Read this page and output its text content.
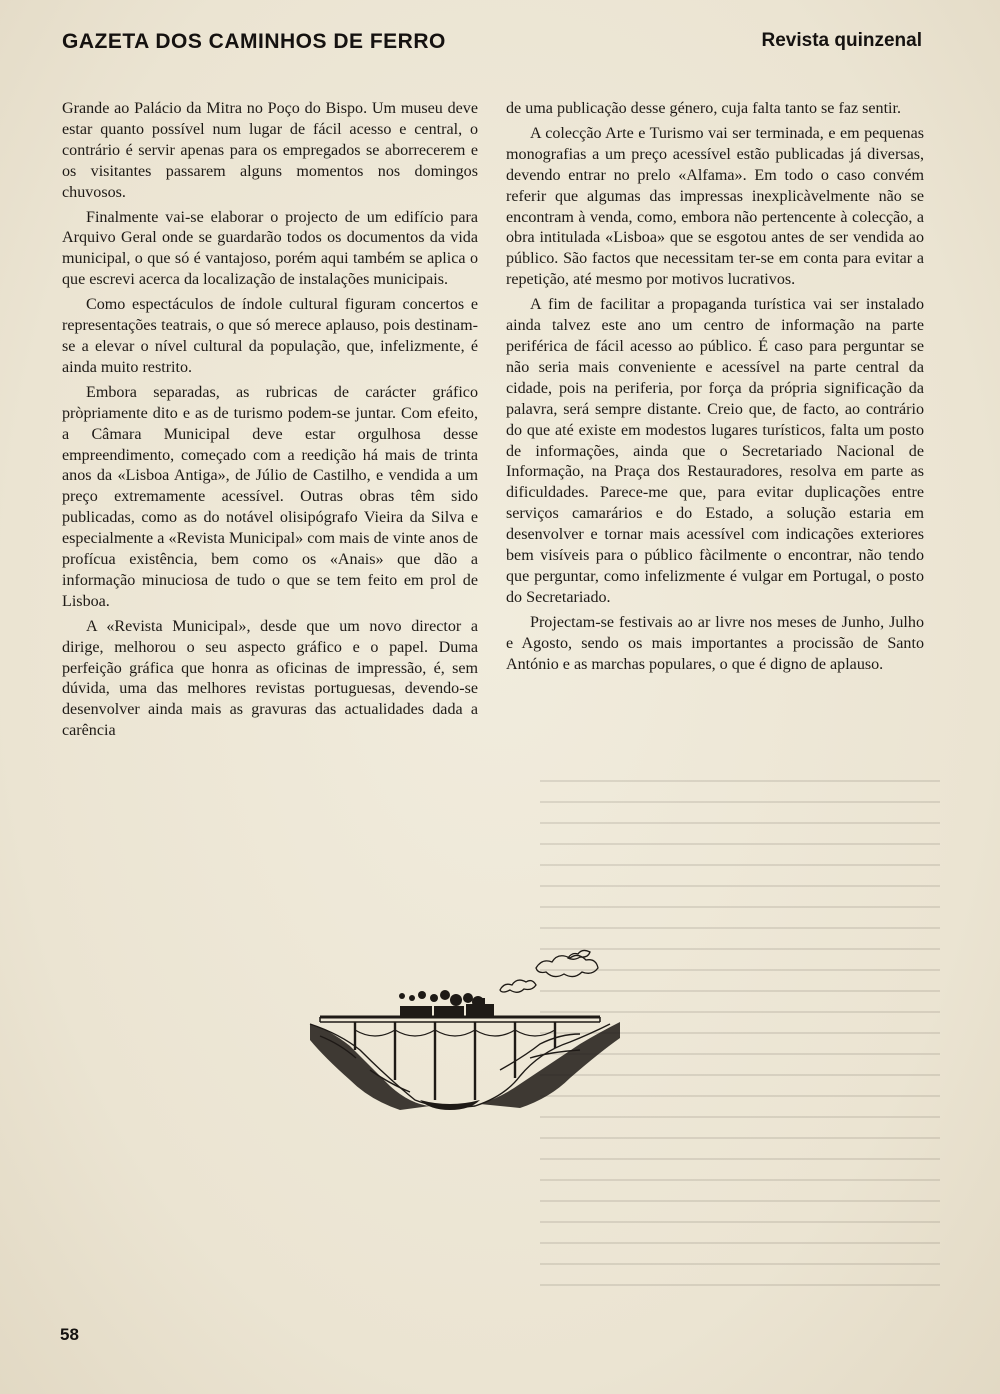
GAZETA DOS CAMINHOS DE FERRO	Revista quinzenal

Grande ao Palácio da Mitra no Poço do Bispo. Um museu deve estar quanto possível num lugar de fácil acesso e central, o contrário é servir apenas para os empregados se aborrecerem e os visitantes passarem alguns momentos nos domingos chuvosos.

Finalmente vai-se elaborar o projecto de um edifício para Arquivo Geral onde se guardarão todos os documentos da vida municipal, o que só é vantajoso, porém aqui também se aplica o que escrevi acerca da localização de instalações municipais.

Como espectáculos de índole cultural figuram concertos e representações teatrais, o que só merece aplauso, pois destinam-se a elevar o nível cultural da população, que, infelizmente, é ainda muito restrito.

Embora separadas, as rubricas de carácter gráfico pròpriamente dito e as de turismo podem-se juntar. Com efeito, a Câmara Municipal deve estar orgulhosa desse empreendimento, começado com a reedição há mais de trinta anos da «Lisboa Antiga», de Júlio de Castilho, e vendida a um preço extremamente acessível. Outras obras têm sido publicadas, como as do notável olisipógrafo Vieira da Silva e especialmente a «Revista Municipal» com mais de vinte anos de profícua existência, bem como os «Anais» que dão a informação minuciosa de tudo o que se tem feito em prol de Lisboa.

A «Revista Municipal», desde que um novo director a dirige, melhorou o seu aspecto gráfico e o papel. Duma perfeição gráfica que honra as oficinas de impressão, é, sem dúvida, uma das melhores revistas portuguesas, devendo-se desenvolver ainda mais as gravuras das actualidades dada a carência

de uma publicação desse género, cuja falta tanto se faz sentir.

A colecção Arte e Turismo vai ser terminada, e em pequenas monografias a um preço acessível estão publicadas já diversas, devendo entrar no prelo «Alfama». Em todo o caso convém referir que algumas das impressas inexplicàvelmente não se encontram à venda, como, embora não pertencente à colecção, a obra intitulada «Lisboa» que se esgotou antes de ser vendida ao público. São factos que necessitam ter-se em conta para evitar a repetição, até mesmo por motivos lucrativos.

A fim de facilitar a propaganda turística vai ser instalado ainda talvez este ano um centro de informação na parte periférica de fácil acesso ao público. É caso para perguntar se não seria mais conveniente e acessível na parte central da cidade, pois na periferia, por força da própria significação da palavra, será sempre distante. Creio que, de facto, ao contrário do que até existe em modestos lugares turísticos, falta um posto de informações, ainda que o Secretariado Nacional de Informação, na Praça dos Restauradores, resolva em parte as dificuldades. Parece-me que, para evitar duplicações entre serviços camarários e do Estado, a solução estaria em desenvolver e tornar mais acessível com indicações exteriores bem visíveis para o público fàcilmente o encontrar, não tendo que perguntar, como infelizmente é vulgar em Portugal, o posto do Secretariado.

Projectam-se festivais ao ar livre nos meses de Junho, Julho e Agosto, sendo os mais importantes a procissão de Santo António e as marchas populares, o que é digno de aplauso.

58
